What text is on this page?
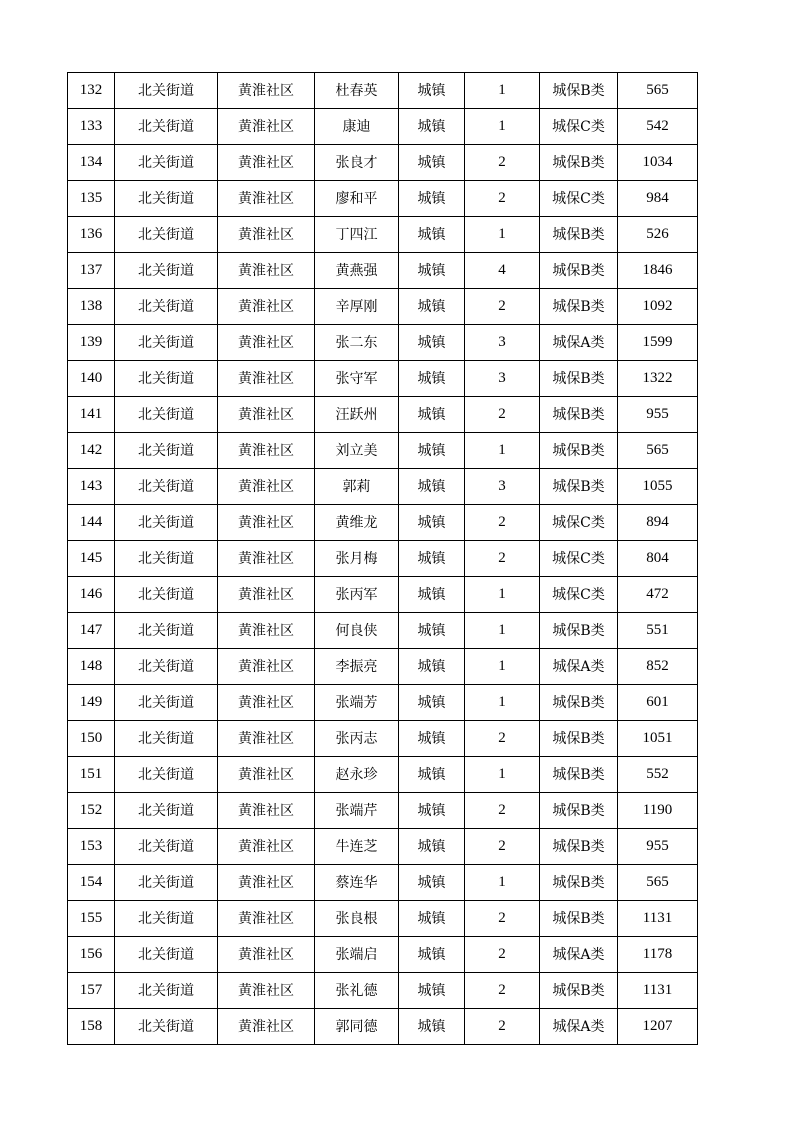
132	北关街道	黄淮社区	杜春英	城镇	1	城保B类	565
133	北关街道	黄淮社区	康迪	城镇	1	城保C类	542
134	北关街道	黄淮社区	张良才	城镇	2	城保B类	1034
135	北关街道	黄淮社区	廖和平	城镇	2	城保C类	984
136	北关街道	黄淮社区	丁四江	城镇	1	城保B类	526
137	北关街道	黄淮社区	黄燕强	城镇	4	城保B类	1846
138	北关街道	黄淮社区	辛厚刚	城镇	2	城保B类	1092
139	北关街道	黄淮社区	张二东	城镇	3	城保A类	1599
140	北关街道	黄淮社区	张守军	城镇	3	城保B类	1322
141	北关街道	黄淮社区	汪跃州	城镇	2	城保B类	955
142	北关街道	黄淮社区	刘立美	城镇	1	城保B类	565
143	北关街道	黄淮社区	郭莉	城镇	3	城保B类	1055
144	北关街道	黄淮社区	黄维龙	城镇	2	城保C类	894
145	北关街道	黄淮社区	张月梅	城镇	2	城保C类	804
146	北关街道	黄淮社区	张丙军	城镇	1	城保C类	472
147	北关街道	黄淮社区	何良侠	城镇	1	城保B类	551
148	北关街道	黄淮社区	李振亮	城镇	1	城保A类	852
149	北关街道	黄淮社区	张端芳	城镇	1	城保B类	601
150	北关街道	黄淮社区	张丙志	城镇	2	城保B类	1051
151	北关街道	黄淮社区	赵永珍	城镇	1	城保B类	552
152	北关街道	黄淮社区	张端芹	城镇	2	城保B类	1190
153	北关街道	黄淮社区	牛连芝	城镇	2	城保B类	955
154	北关街道	黄淮社区	蔡连华	城镇	1	城保B类	565
155	北关街道	黄淮社区	张良根	城镇	2	城保B类	1131
156	北关街道	黄淮社区	张端启	城镇	2	城保A类	1178
157	北关街道	黄淮社区	张礼德	城镇	2	城保B类	1131
158	北关街道	黄淮社区	郭同德	城镇	2	城保A类	1207
